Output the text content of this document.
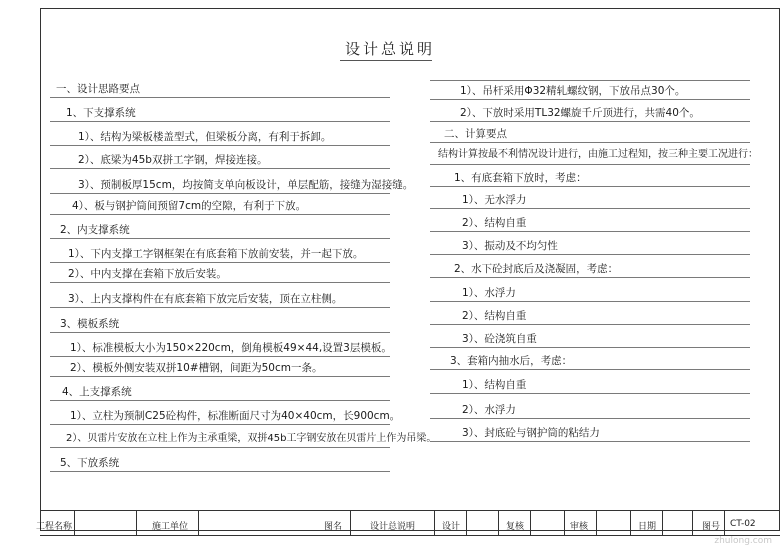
设计总说明
一、设计思路要点
1、下支撑系统
1）、结构为梁板楼盖型式，但梁板分离，有利于拆卸。
2）、底梁为45b双拼工字钢，焊接连接。
3）、预制板厚15cm，均按简支单向板设计，单层配筋，接缝为湿接缝。
4）、板与钢护筒间预留7cm的空隙，有利于下放。
2、内支撑系统
1）、下内支撑工字钢框架在有底套箱下放前安装，并一起下放。
2）、中内支撑在套箱下放后安装。
3）、上内支撑构件在有底套箱下放完后安装，顶在立柱侧。
3、模板系统
1）、标准模板大小为150×220cm，倒角模板49×44,设置3层模板。
2）、模板外侧安装双拼10#槽钢，间距为50cm一条。
4、上支撑系统
1）、立柱为预制C25砼构件，标准断面尺寸为40×40cm，长900cm。
2）、贝雷片安放在立柱上作为主承重梁，双拼45b工字钢安放在贝雷片上作为吊梁。
5、下放系统
1）、吊杆采用Φ32精轧螺纹钢，下放吊点30个。
2）、下放时采用TL32螺旋千斤顶进行，共需40个。
二、计算要点
结构计算按最不利情况设计进行，由施工过程知，按三种主要工况进行：
1、有底套箱下放时，考虑：
1）、无水浮力
2）、结构自重
3）、振动及不均匀性
2、水下砼封底后及浇凝固，考虑：
1）、水浮力
2）、结构自重
3）、砼浇筑自重
3、套箱内抽水后，考虑：
1）、结构自重
2）、水浮力
3）、封底砼与钢护筒的粘结力
工程名称	施工单位	图名	设计总说明	设计	复核	审核	日期	图号 CT-02
zhulong.com
